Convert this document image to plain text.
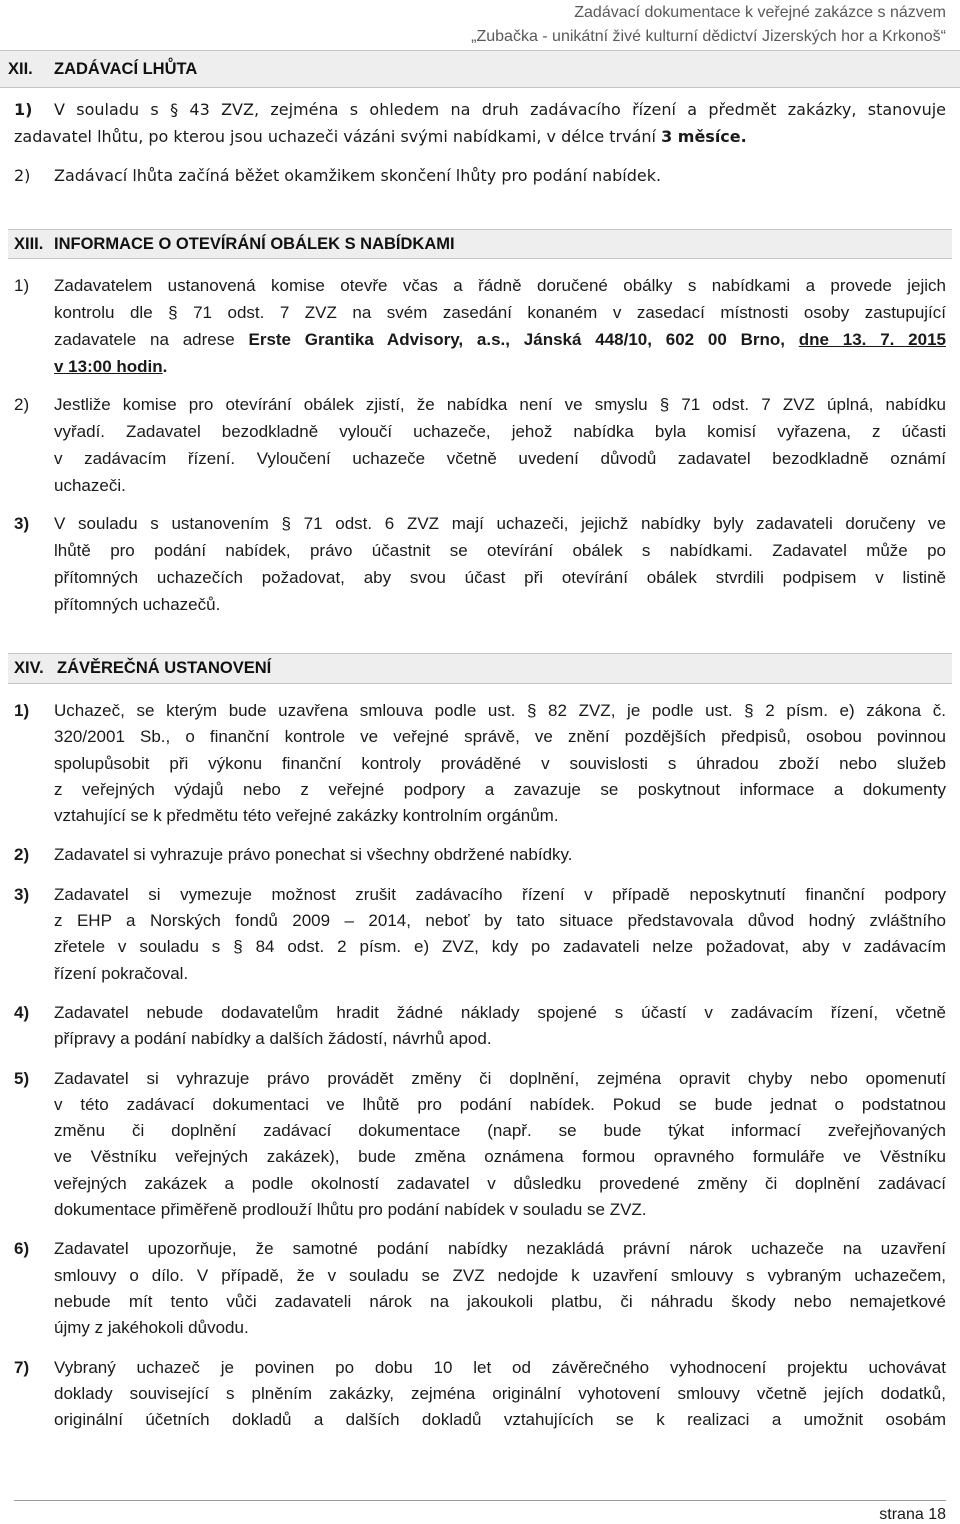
Zadávací dokumentace k veřejné zakázce s názvem
„Zubačka - unikátní živé kulturní dědictví Jizerských hor a Krkonoš“
XII. ZADÁVACÍ LHŮTA
1) V souladu s § 43 ZVZ, zejména s ohledem na druh zadávacího řízení a předmět zakázky, stanovuje
zadavatel lhůtu, po kterou jsou uchazeči vázáni svými nabídkami, v délce trvání 3 měsíce.
2) Zadávací lhůta začíná běžet okamžikem skončení lhůty pro podání nabídek.
XIII. INFORMACE O OTEVÍRÁNÍ OBÁLEK S NABÍDKAMI
1) Zadavatelem ustanovená komise otevře včas a řádně doručené obálky s nabídkami a provede jejich
kontrolu dle § 71 odst. 7 ZVZ na svém zasedání konaném v zasedací místnosti osoby zastupující
zadavatele na adrese Erste Grantika Advisory, a.s., Jánská 448/10, 602 00 Brno, dne 13. 7. 2015
v 13:00 hodin.
2) Jestliže komise pro otevírání obálek zjistí, že nabídka není ve smyslu § 71 odst. 7 ZVZ úplná, nabídku
vyřadí. Zadavatel bezodkladně vyloučí uchazeče, jehož nabídka byla komisí vyřazena, z účasti
v zadávacím řízení. Vyloučení uchazeče včetně uvedení důvodů zadavatel bezodkladně oznámí
uchazeči.
3) V souladu s ustanovením § 71 odst. 6 ZVZ mají uchazeči, jejichž nabídky byly zadavateli doručeny ve
lhůtě pro podání nabídek, právo účastnit se otevírání obálek s nabídkami. Zadavatel může po
přítomných uchazečích požadovat, aby svou účast při otevírání obálek stvrdili podpisem v listině
přítomných uchazečů.
XIV. ZÁVĚREČNÁ USTANOVENÍ
1) Uchazeč, se kterým bude uzavřena smlouva podle ust. § 82 ZVZ, je podle ust. § 2 písm. e) zákona č.
320/2001 Sb., o finanční kontrole ve veřejné správě, ve znění pozdějších předpisů, osobou povinnou
spolupůsobit při výkonu finanční kontroly prováděné v souvislosti s úhradou zboží nebo služeb
z veřejných výdajů nebo z veřejné podpory a zavazuje se poskytnout informace a dokumenty
vztahující se k předmětu této veřejné zakázky kontrolním orgánům.
2) Zadavatel si vyhrazuje právo ponechat si všechny obdržené nabídky.
3) Zadavatel si vymezuje možnost zrušit zadávacího řízení v případě neposkytnutí finanční podpory
z EHP a Norských fondů 2009 – 2014, neboť by tato situace představovala důvod hodný zvláštního
zřetele v souladu s § 84 odst. 2 písm. e) ZVZ, kdy po zadavateli nelze požadovat, aby v zadávacím
řízení pokračoval.
4) Zadavatel nebude dodavatelům hradit žádné náklady spojené s účastí v zadávacím řízení, včetně
přípravy a podání nabídky a dalších žádostí, návrhů apod.
5) Zadavatel si vyhrazuje právo provádět změny či doplnění, zejména opravit chyby nebo opomenutí
v této zadávací dokumentaci ve lhůtě pro podání nabídek. Pokud se bude jednat o podstatnou
změnu či doplnění zadávací dokumentace (např. se bude týkat informací zveřejňovaných
ve Věstníku veřejných zakázek), bude změna oznámena formou opravného formuláře ve Věstníku
veřejných zakázek a podle okolností zadavatel v důsledku provedené změny či doplnění zadávací
dokumentace přiměřeně prodlouží lhůtu pro podání nabídek v souladu se ZVZ.
6) Zadavatel upozorňuje, že samotné podání nabídky nezakládá právní nárok uchazeče na uzavření
smlouvy o dílo. V případě, že v souladu se ZVZ nedojde k uzavření smlouvy s vybraným uchazečem,
nebude mít tento vůči zadavateli nárok na jakoukoli platbu, či náhradu škody nebo nemajetkové
újmy z jakéhokoli důvodu.
7) Vybraný uchazeč je povinen po dobu 10 let od závěrečného vyhodnocení projektu uchovávat
doklady související s plněním zakázky, zejména originální vyhotovení smlouvy včetně jejích dodatků,
originální účetních dokladů a dalších dokladů vztahujících se k realizaci a umožnit osobám
strana 18
